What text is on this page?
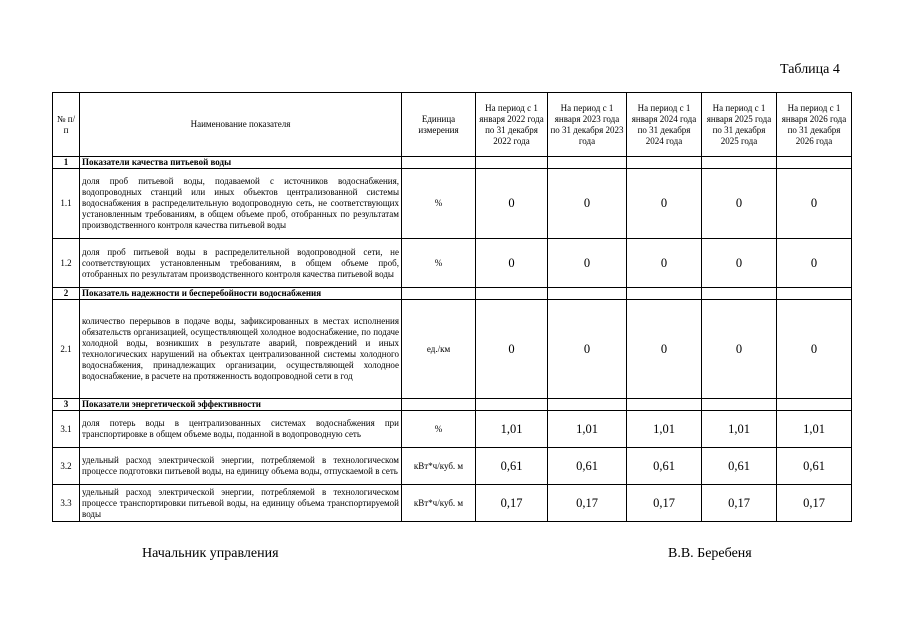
Таблица 4
№ п/п	Наименование показателя	Единица измерения	На период с 1 января 2022 года по 31 декабря 2022 года	На период с 1 января 2023 года по 31 декабря 2023 года	На период с 1 января 2024 года по 31 декабря 2024 года	На период с 1 января 2025 года по 31 декабря 2025 года	На период с 1 января 2026 года по 31 декабря 2026 года
1	Показатели качества питьевой воды						
1.1	доля проб питьевой воды, подаваемой с источников водоснабжения, водопроводных станций или иных объектов централизованной системы водоснабжения в распределительную водопроводную сеть, не соответствующих установленным требованиям, в общем объеме проб, отобранных по результатам производственного контроля качества питьевой воды	%	0	0	0	0	0
1.2	доля проб питьевой воды в распределительной водопроводной сети, не соответствующих установленным требованиям, в общем объеме проб, отобранных по результатам производственного контроля качества питьевой воды	%	0	0	0	0	0
2	Показатель надежности и бесперебойности водоснабжения						
2.1	количество перерывов в подаче воды, зафиксированных в местах исполнения обязательств организацией, осуществляющей холодное водоснабжение, по подаче холодной воды, возникших в результате аварий, повреждений и иных технологических нарушений на объектах централизованной системы холодного водоснабжения, принадлежащих организации, осуществляющей холодное водоснабжение, в расчете на протяженность водопроводной сети в год	ед./км	0	0	0	0	0
3	Показатели энергетической эффективности						
3.1	доля потерь воды в централизованных системах водоснабжения при транспортировке в общем объеме воды, поданной в водопроводную сеть	%	1,01	1,01	1,01	1,01	1,01
3.2	удельный расход электрической энергии, потребляемой в технологическом процессе подготовки питьевой воды, на единицу объема воды, отпускаемой в сеть	кВт*ч/куб. м	0,61	0,61	0,61	0,61	0,61
3.3	удельный расход электрической энергии, потребляемой в технологическом процессе транспортировки питьевой воды, на единицу объема транспортируемой воды	кВт*ч/куб. м	0,17	0,17	0,17	0,17	0,17
Начальник управления	В.В. Беребеня
